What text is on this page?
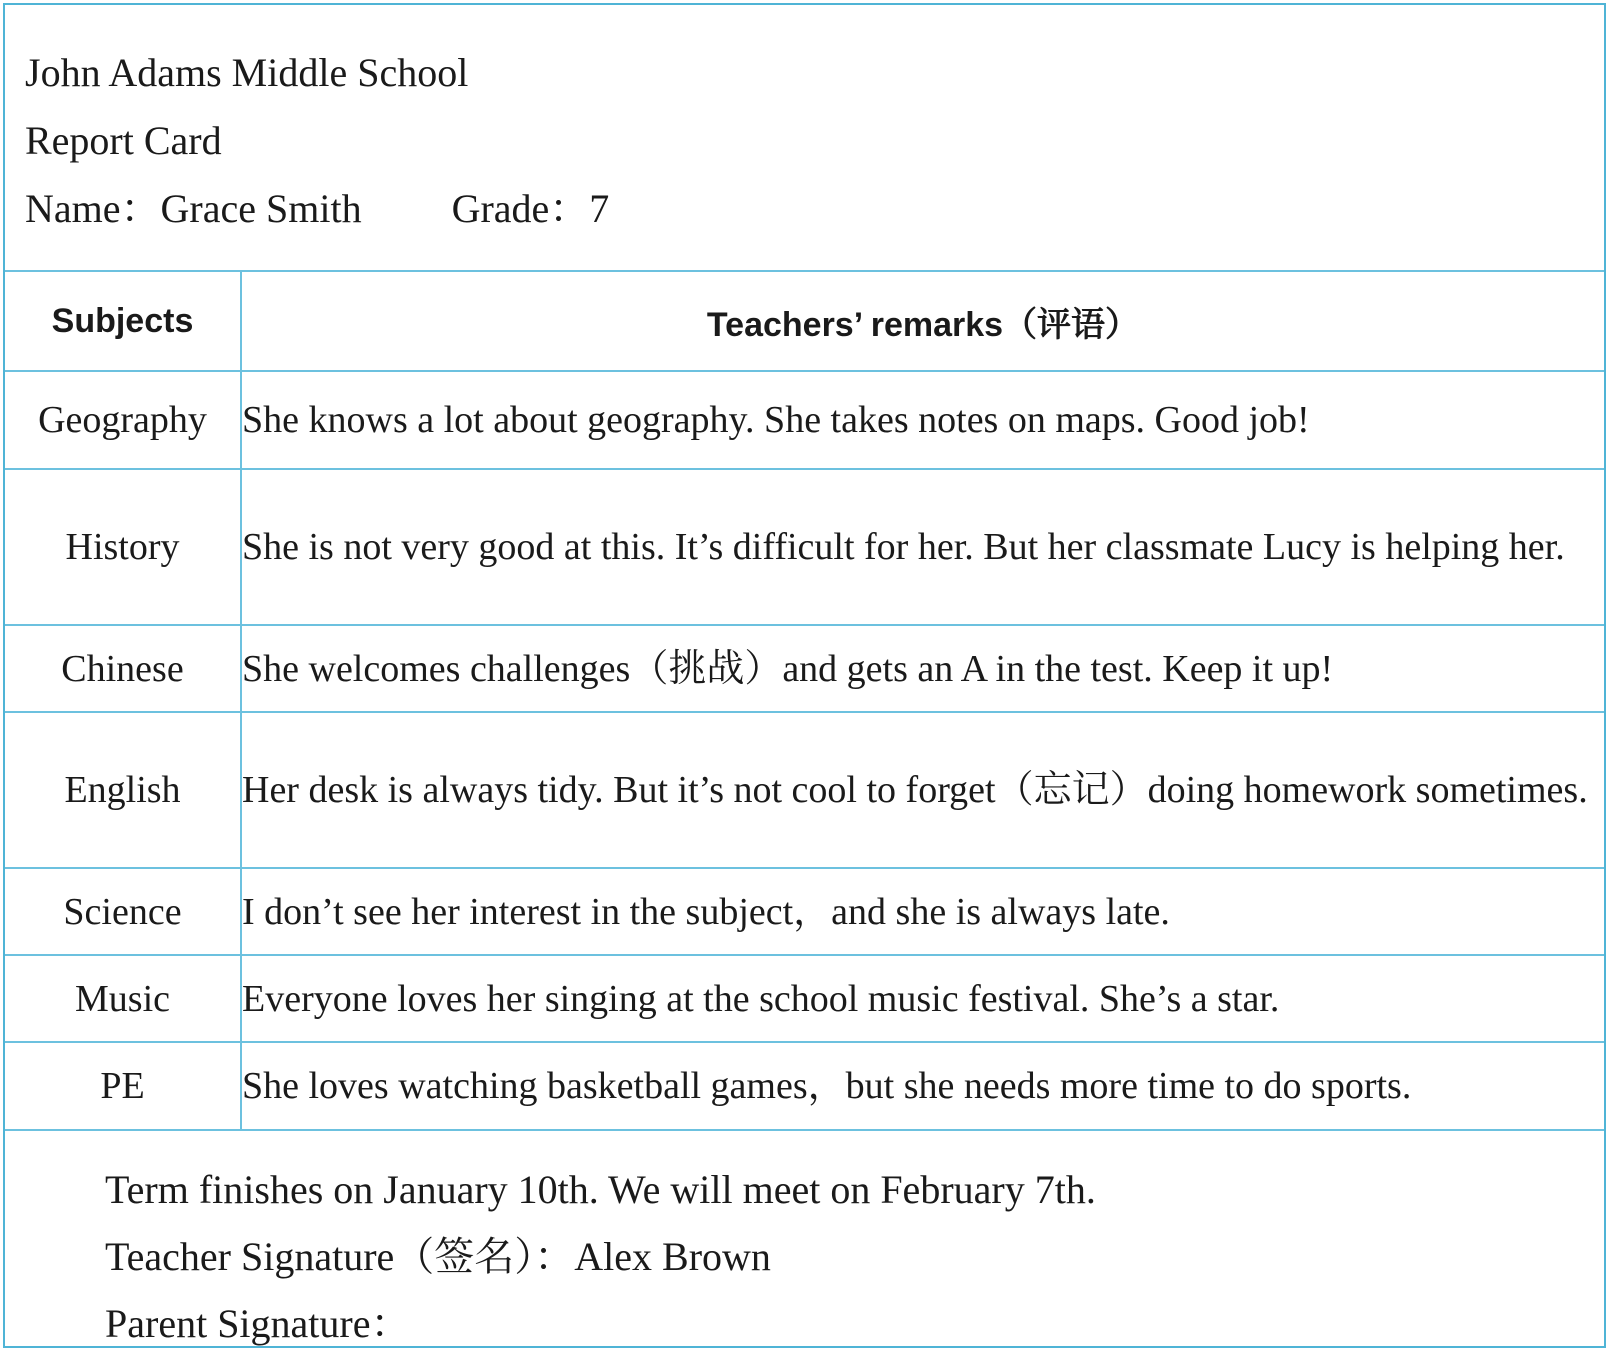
John Adams Middle School
Report Card
Name：Grace Smith Grade：7
Subjects	Teachers’ remarks（评语）
Geography	She knows a lot about geography. She takes notes on maps. Good job!
History	She is not very good at this. It’s difficult for her. But her classmate Lucy is helping her.
Chinese	She welcomes challenges（挑战）and gets an A in the test. Keep it up!
English	Her desk is always tidy. But it’s not cool to forget（忘记）doing homework sometimes.
Science	I don’t see her interest in the subject，and she is always late.
Music	Everyone loves her singing at the school music festival. She’s a star.
PE	She loves watching basketball games，but she needs more time to do sports.
Term finishes on January 10th. We will meet on February 7th.
Teacher Signature（签名）：Alex Brown
Parent Signature：
